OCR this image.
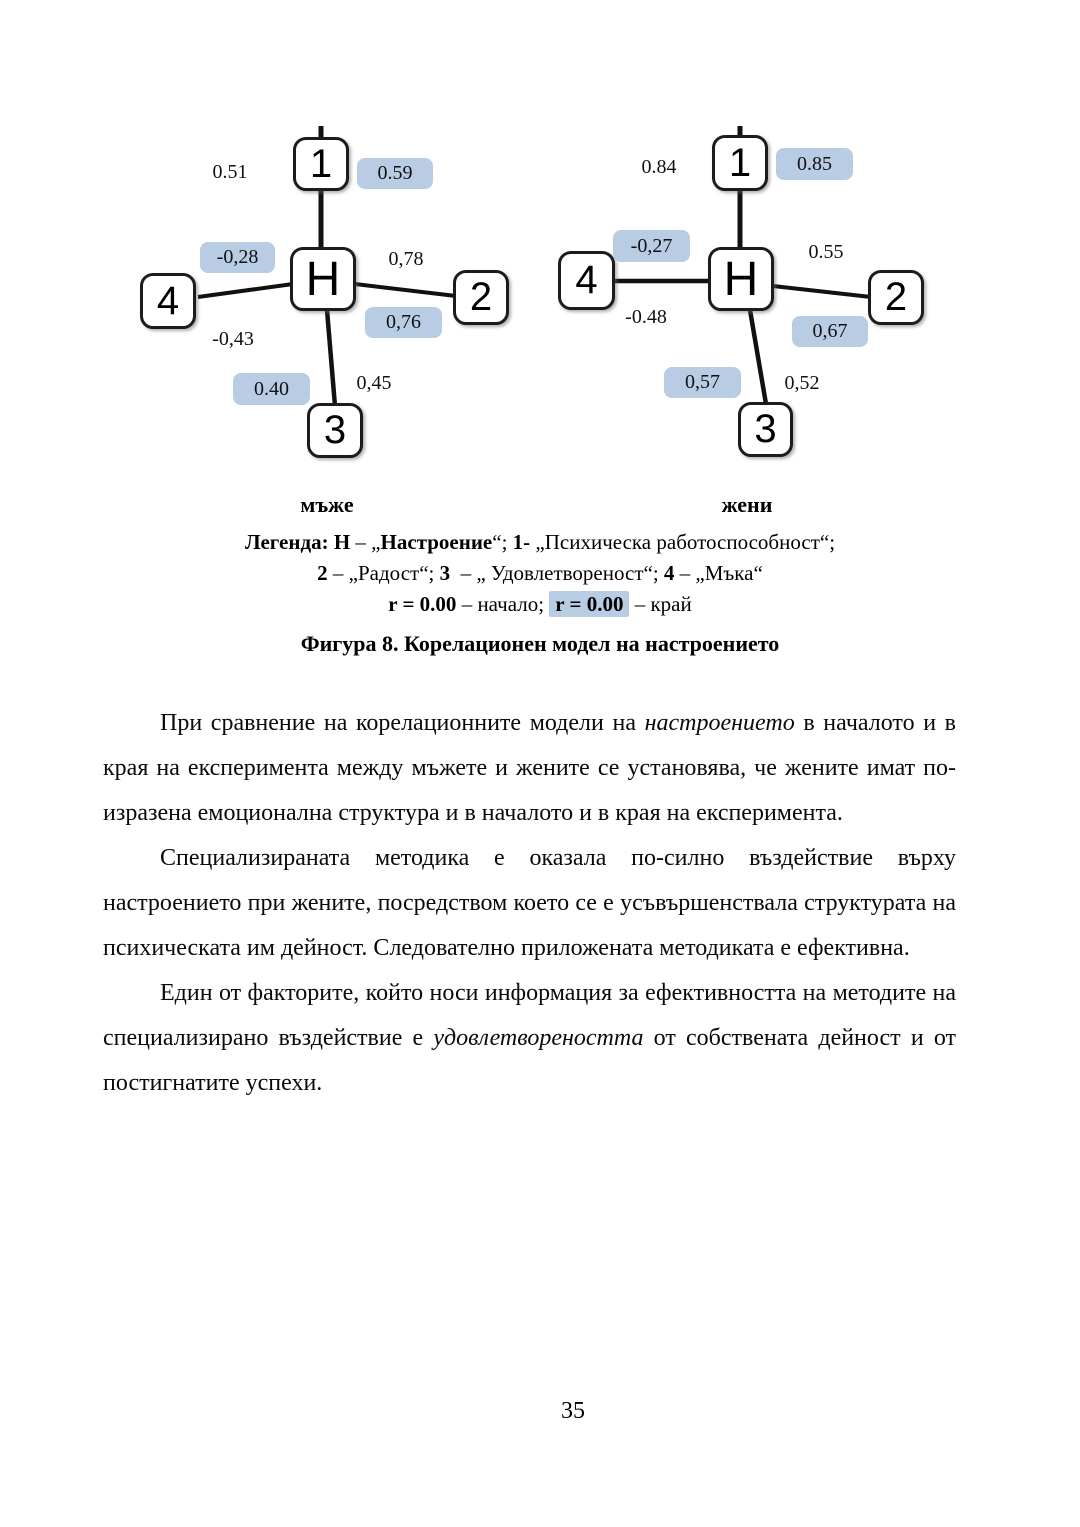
1
Н	2
3
4
0.51	0.59
-0,28	0,78
0,76
-0,43
0.40	0,45
1
Н	2
3
4
0.84	0.85
-0,27	0.55
-0.48
0,67
0,57	0,52
мъже	жени
Легенда: Н – „Настроение“; 1- „Психическа работоспособност“;
2 – „Радост“; 3  – „ Удовлетвореност“; 4 – „Мъка“
r = 0.00 – начало; r = 0.00 – край
Фигура 8. Корелационен модел на настроението

При сравнение на корелационните модели на настроението в началото и в края на експеримента между мъжете и жените се установява, че жените имат по-изразена емоционална структура и в началото и в края на експеримента.

Специализираната методика е оказала по-силно въздействие върху настроението при жените, посредством което се е усъвършенствала структурата на психическата им дейност. Следователно приложената методиката е ефективна.

Един от факторите, който носи информация за ефективността на методите на специализирано въздействие е удовлетвореността от собствената дейност и от постигнатите успехи.

35
